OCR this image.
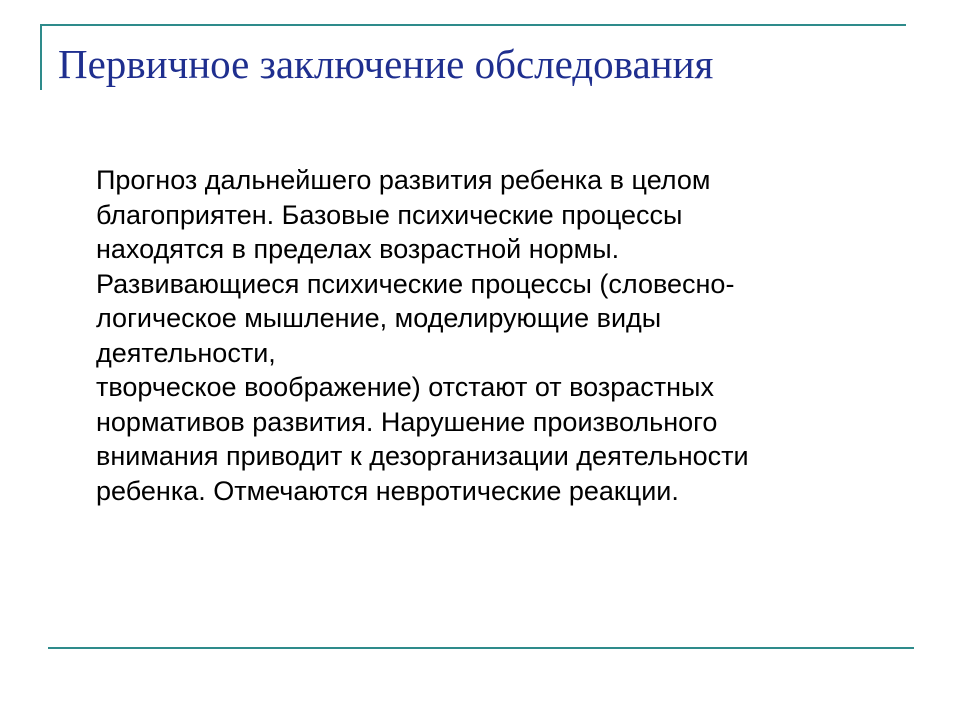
Первичное заключение обследования
Прогноз дальнейшего развития ребенка в целом
благоприятен. Базовые психические процессы
находятся в пределах возрастной нормы.
Развивающиеся психические процессы (словесно-
логическое мышление, моделирующие виды
деятельности,
творческое воображение) отстают от возрастных
нормативов развития. Нарушение произвольного
внимания приводит к дезорганизации деятельности
ребенка. Отмечаются невротические реакции.
